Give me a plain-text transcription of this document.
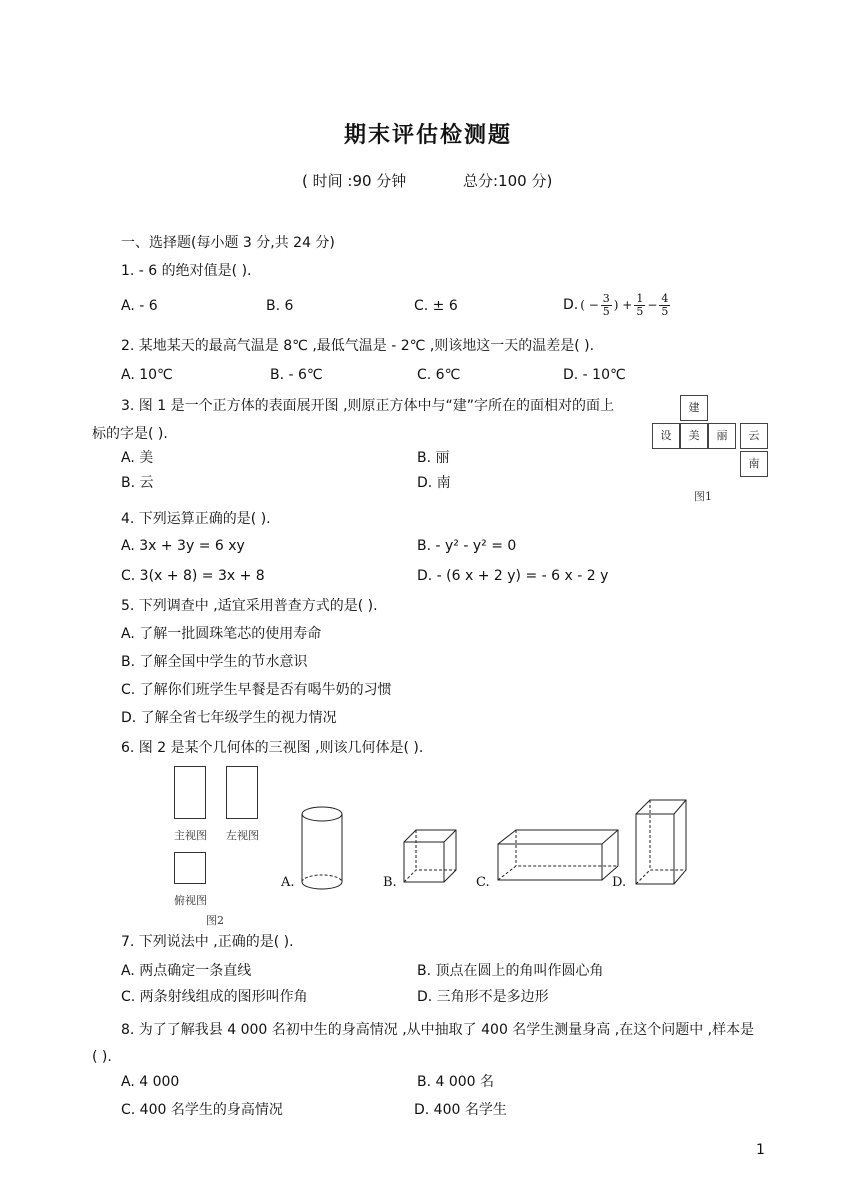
期末评估检测题
( 时间 :90 分钟	总分:100 分)
一、选择题(每小题 3 分,共 24 分)
1. - 6 的绝对值是( ).
A. - 6	B. 6	C. ± 6	D. ( − $\frac{3}{5}$ ) + $\frac{1}{5} - \frac{4}{5}$
2. 某地某天的最高气温是 8℃ ,最低气温是 - 2℃ ,则该地这一天的温差是( ).
A. 10℃	B. - 6℃	C. 6℃	D. - 10℃
3. 图 1 是一个正方体的表面展开图 ,则原正方体中与“建”字所在的面相对的面上
标的字是( ).
A. 美	B. 丽
B. 云	D. 南
建
设	美	丽	云
南
图1
4. 下列运算正确的是( ).
A. 3x + 3y = 6 xy	B. - y² - y² = 0
C. 3(x + 8) = 3x + 8	D. - (6 x + 2 y) = - 6 x - 2 y
5. 下列调查中 ,适宜采用普查方式的是( ).
A. 了解一批圆珠笔芯的使用寿命
B. 了解全国中学生的节水意识
C. 了解你们班学生早餐是否有喝牛奶的习惯
D. 了解全省七年级学生的视力情况
6. 图 2 是某个几何体的三视图 ,则该几何体是( ).
主视图 左视图
俯视图
图2
A.	B.	C.	D.
7. 下列说法中 ,正确的是( ).
A. 两点确定一条直线	B. 顶点在圆上的角叫作圆心角
C. 两条射线组成的图形叫作角	D. 三角形不是多边形
8. 为了了解我县 4 000 名初中生的身高情况 ,从中抽取了 400 名学生测量身高 ,在这个问题中 ,样本是
( ).
A. 4 000	B. 4 000 名
C. 400 名学生的身高情况	D. 400 名学生
1
